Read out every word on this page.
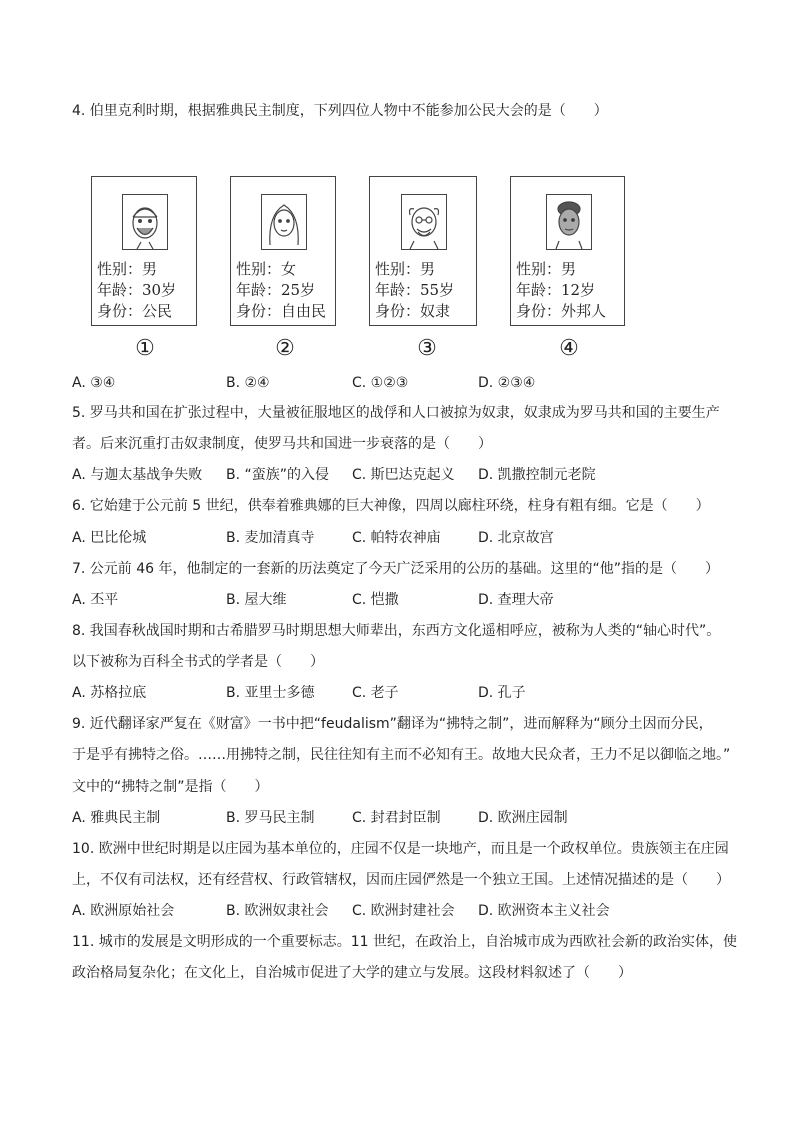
4. 伯里克利时期，根据雅典民主制度，下列四位人物中不能参加公民大会的是（　　）
性别：男
年龄：30岁
身份：公民
性别：女
年龄：25岁
身份：自由民
性别：男
年龄：55岁
身份：奴隶
性别：男
年龄：12岁
身份：外邦人
①	②	③	④
A. ③④	B. ②④	C. ①②③	D. ②③④
5. 罗马共和国在扩张过程中，大量被征服地区的战俘和人口被掠为奴隶，奴隶成为罗马共和国的主要生产
者。后来沉重打击奴隶制度，使罗马共和国进一步衰落的是（　　）
A. 与迦太基战争失败 B. “蛮族”的入侵 C. 斯巴达克起义 D. 凯撒控制元老院
6. 它始建于公元前 5 世纪，供奉着雅典娜的巨大神像，四周以廊柱环绕，柱身有粗有细。它是（　　）
A. 巴比伦城	B. 麦加清真寺	C. 帕特农神庙	D. 北京故宫
7. 公元前 46 年，他制定的一套新的历法奠定了今天广泛采用的公历的基础。这里的“他”指的是（　　）
A. 丕平	B. 屋大维	C. 恺撒	D. 查理大帝
8. 我国春秋战国时期和古希腊罗马时期思想大师辈出，东西方文化遥相呼应，被称为人类的“轴心时代”。
以下被称为百科全书式的学者是（　　）
A. 苏格拉底	B. 亚里士多德	C. 老子	D. 孔子
9. 近代翻译家严复在《财富》一书中把“feudalism”翻译为“拂特之制”，进而解释为“顾分土因而分民，
于是乎有拂特之俗。……用拂特之制，民往往知有主而不必知有王。故地大民众者，王力不足以御临之地。”
文中的“拂特之制”是指（　　）
A. 雅典民主制	B. 罗马民主制	C. 封君封臣制	D. 欧洲庄园制
10. 欧洲中世纪时期是以庄园为基本单位的，庄园不仅是一块地产，而且是一个政权单位。贵族领主在庄园
上，不仅有司法权，还有经营权、行政管辖权，因而庄园俨然是一个独立王国。上述情况描述的是（　　）
A. 欧洲原始社会	B. 欧洲奴隶社会 C. 欧洲封建社会 D. 欧洲资本主义社会
11. 城市的发展是文明形成的一个重要标志。11 世纪，在政治上，自治城市成为西欧社会新的政治实体，使
政治格局复杂化；在文化上，自治城市促进了大学的建立与发展。这段材料叙述了（　　）
